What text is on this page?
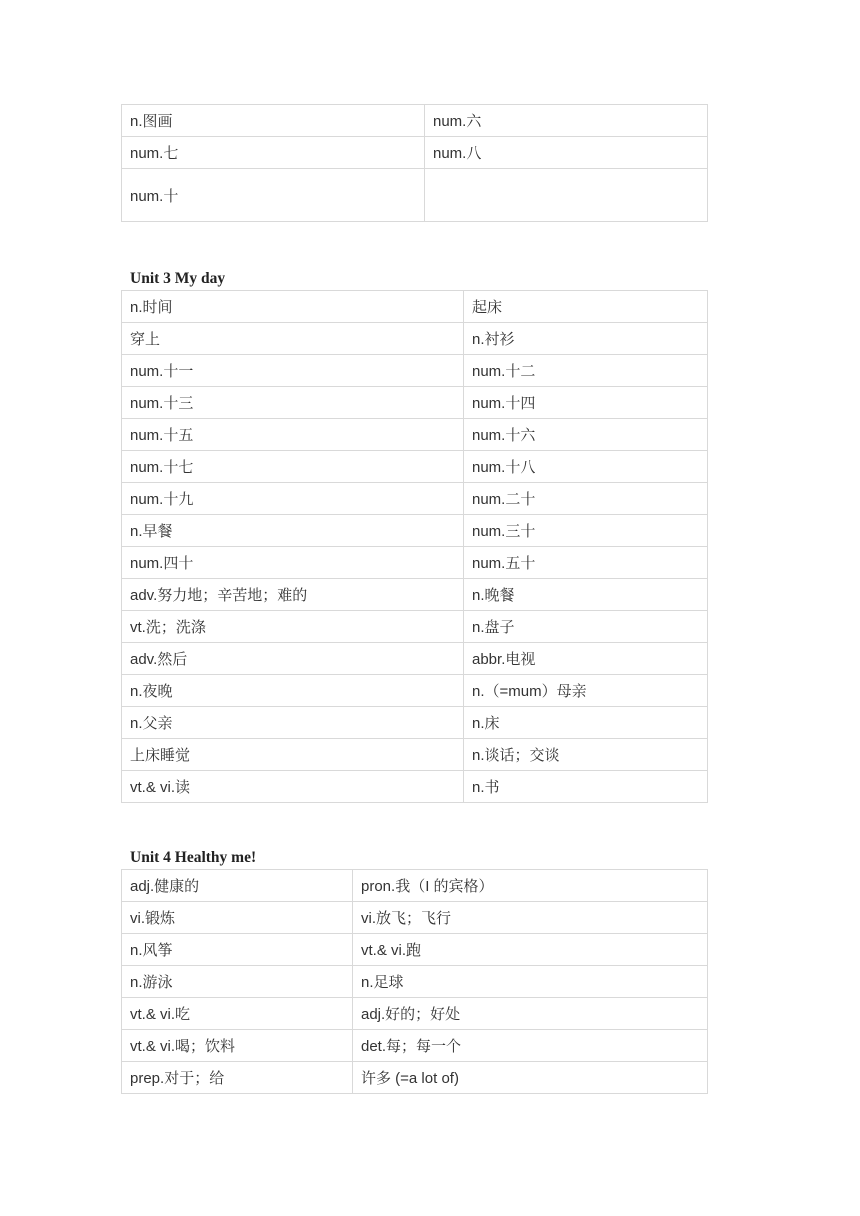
n.图画	num.六
num.七	num.八
num.十	
Unit 3 My day
n.时间	起床
穿上	n.衬衫
num.十一	num.十二
num.十三	num.十四
num.十五	num.十六
num.十七	num.十八
num.十九	num.二十
n.早餐	num.三十
num.四十	num.五十
adv.努力地；辛苦地；难的	n.晚餐
vt.洗；洗涤	n.盘子
adv.然后	abbr.电视
n.夜晚	n.（=mum）母亲
n.父亲	n.床
上床睡觉	n.谈话；交谈
vt.& vi.读	n.书
Unit 4 Healthy me!
adj.健康的	pron.我（I 的宾格）
vi.锻炼	vi.放飞；飞行
n.风筝	vt.& vi.跑
n.游泳	n.足球
vt.& vi.吃	adj.好的；好处
vt.& vi.喝；饮料	det.每；每一个
prep.对于；给	许多 (=a lot of)
